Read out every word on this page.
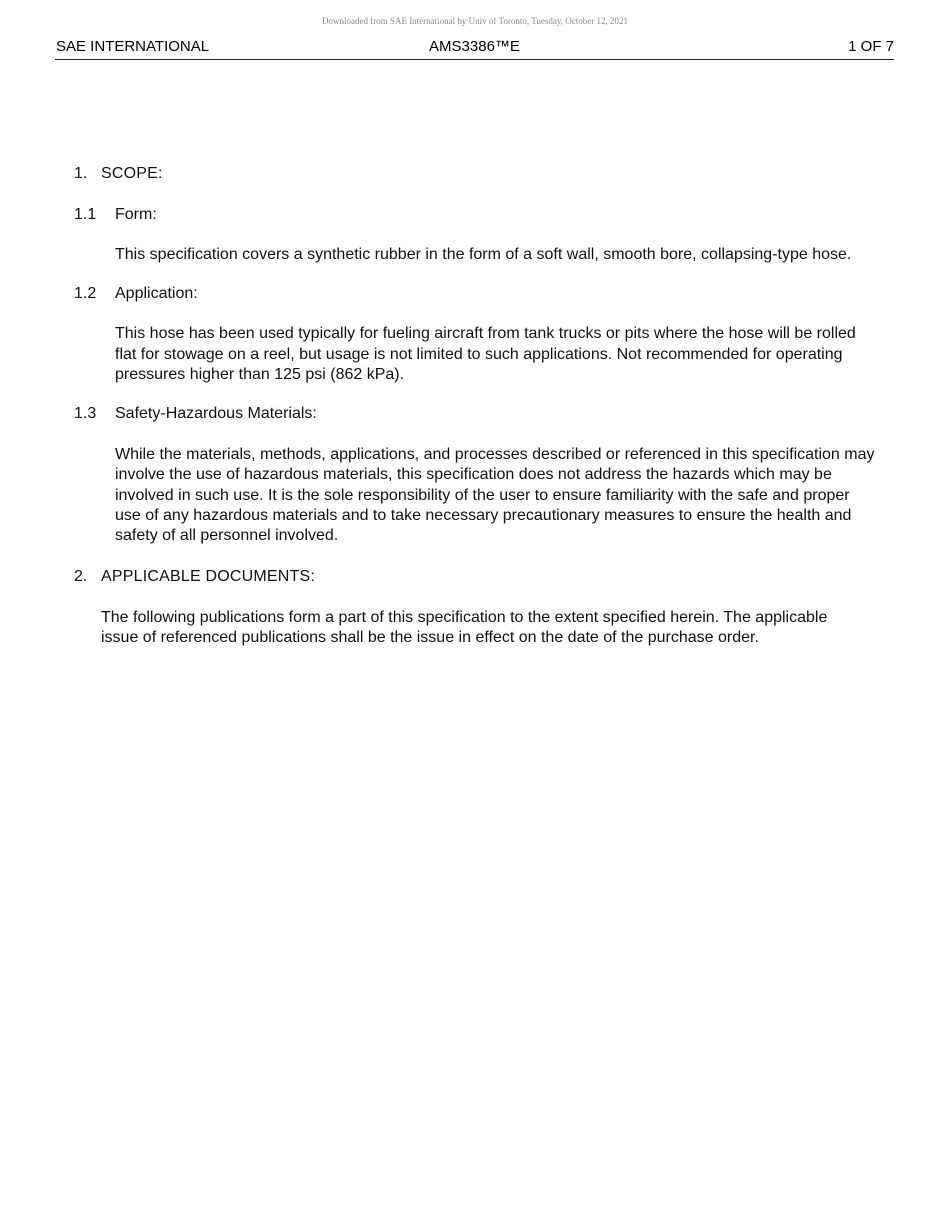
Downloaded from SAE International by Univ of Toronto, Tuesday, October 12, 2021
SAE INTERNATIONAL	AMS3386™E	1 OF 7
1. SCOPE:
1.1 Form:

This specification covers a synthetic rubber in the form of a soft wall, smooth bore, collapsing-type hose.

1.2 Application:

This hose has been used typically for fueling aircraft from tank trucks or pits where the hose will be rolled flat for stowage on a reel, but usage is not limited to such applications. Not recommended for operating pressures higher than 125 psi (862 kPa).

1.3 Safety-Hazardous Materials:

While the materials, methods, applications, and processes described or referenced in this specification may involve the use of hazardous materials, this specification does not address the hazards which may be involved in such use. It is the sole responsibility of the user to ensure familiarity with the safe and proper use of any hazardous materials and to take necessary precautionary measures to ensure the health and safety of all personnel involved.

2. APPLICABLE DOCUMENTS:

The following publications form a part of this specification to the extent specified herein. The applicable issue of referenced publications shall be the issue in effect on the date of the purchase order.
